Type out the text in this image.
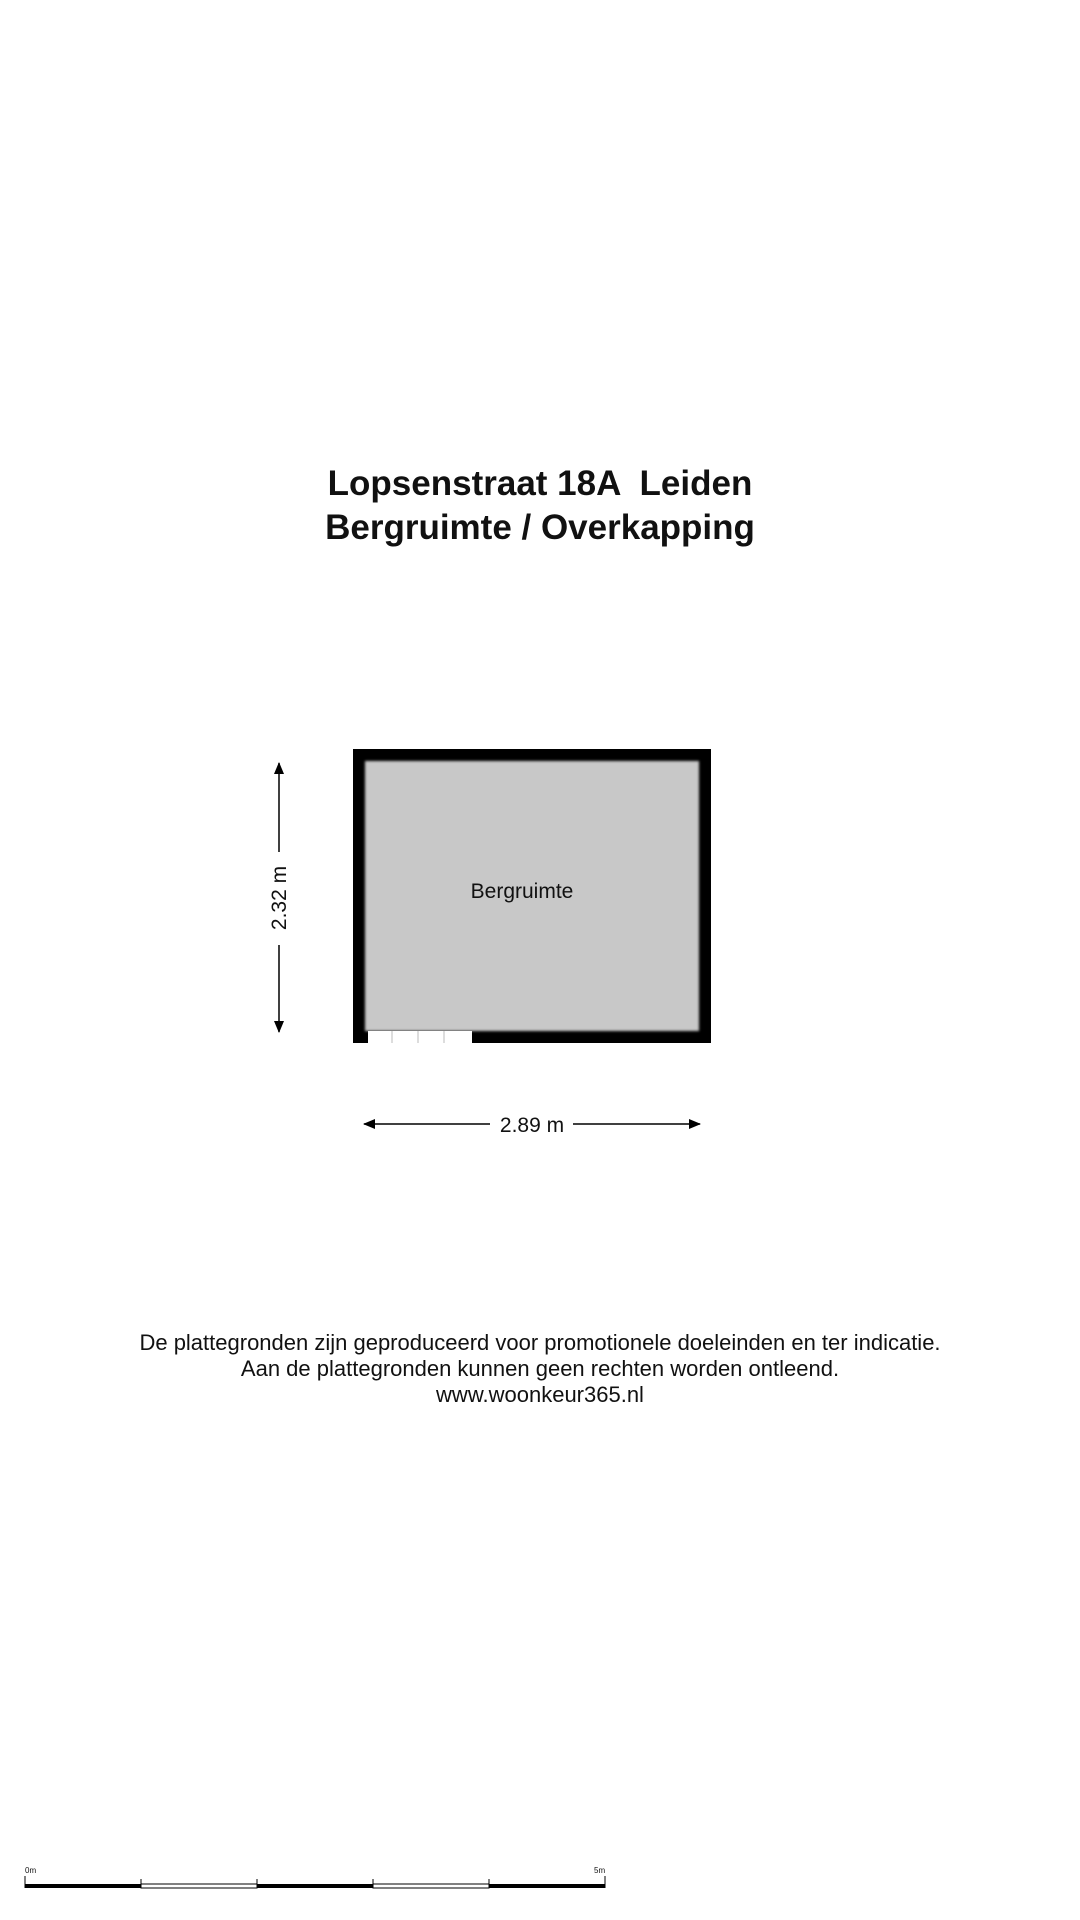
Lopsenstraat 18A  Leiden
Bergruimte / Overkapping
Bergruimte
2.32 m
2.89 m
0m	5m
De plattegronden zijn geproduceerd voor promotionele doeleinden en ter indicatie.
Aan de plattegronden kunnen geen rechten worden ontleend.
www.woonkeur365.nl
